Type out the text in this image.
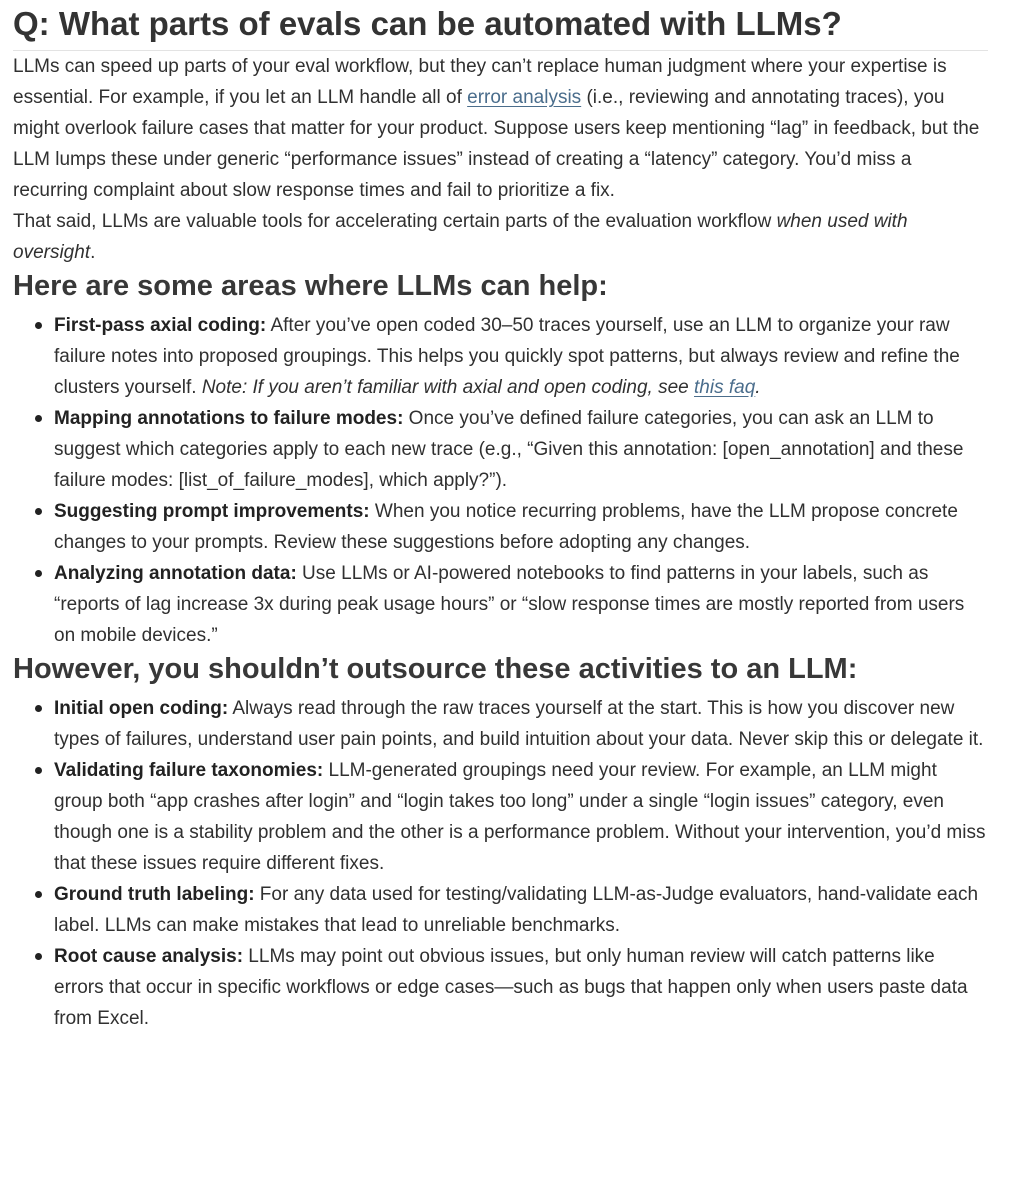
Q: What parts of evals can be automated with LLMs?

LLMs can speed up parts of your eval workflow, but they can’t replace human judgment where your expertise is essential. For example, if you let an LLM handle all of error analysis (i.e., reviewing and annotating traces), you might overlook failure cases that matter for your product. Suppose users keep mentioning “lag” in feedback, but the LLM lumps these under generic “performance issues” instead of creating a “latency” category. You’d miss a recurring complaint about slow response times and fail to prioritize a fix.

That said, LLMs are valuable tools for accelerating certain parts of the evaluation workflow when used with oversight.

Here are some areas where LLMs can help:
First-pass axial coding: After you’ve open coded 30–50 traces yourself, use an LLM to organize your raw failure notes into proposed groupings. This helps you quickly spot patterns, but always review and refine the clusters yourself. Note: If you aren’t familiar with axial and open coding, see this faq.
Mapping annotations to failure modes: Once you’ve defined failure categories, you can ask an LLM to suggest which categories apply to each new trace (e.g., “Given this annotation: [open_annotation] and these failure modes: [list_of_failure_modes], which apply?”).
Suggesting prompt improvements: When you notice recurring problems, have the LLM propose concrete changes to your prompts. Review these suggestions before adopting any changes.
Analyzing annotation data: Use LLMs or AI-powered notebooks to find patterns in your labels, such as “reports of lag increase 3x during peak usage hours” or “slow response times are mostly reported from users on mobile devices.”
However, you shouldn’t outsource these activities to an LLM:
Initial open coding: Always read through the raw traces yourself at the start. This is how you discover new types of failures, understand user pain points, and build intuition about your data. Never skip this or delegate it.
Validating failure taxonomies: LLM-generated groupings need your review. For example, an LLM might group both “app crashes after login” and “login takes too long” under a single “login issues” category, even though one is a stability problem and the other is a performance problem. Without your intervention, you’d miss that these issues require different fixes.
Ground truth labeling: For any data used for testing/validating LLM-as-Judge evaluators, hand-validate each label. LLMs can make mistakes that lead to unreliable benchmarks.
Root cause analysis: LLMs may point out obvious issues, but only human review will catch patterns like errors that occur in specific workflows or edge cases—such as bugs that happen only when users paste data from Excel.
